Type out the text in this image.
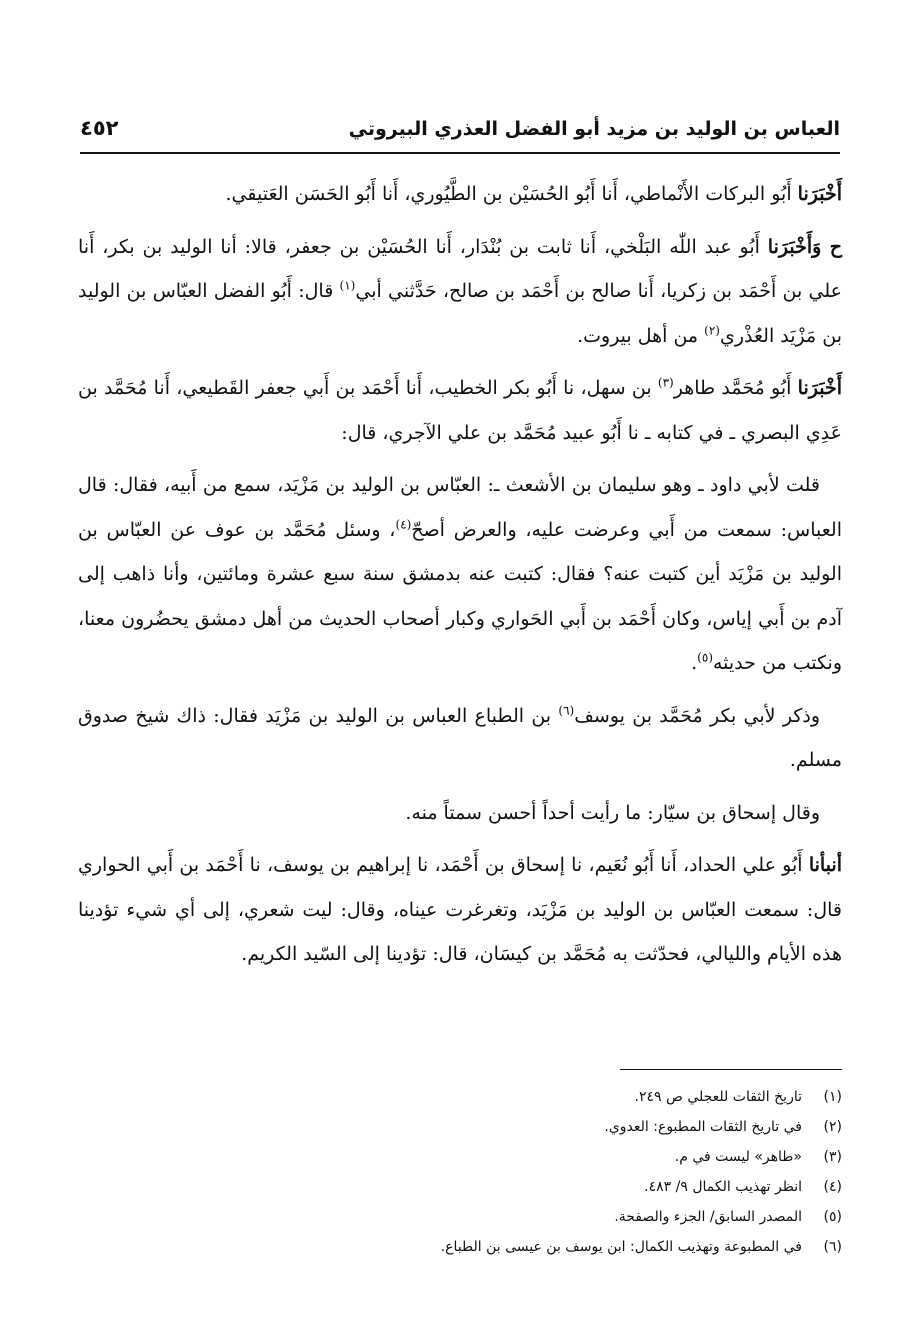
العباس بن الوليد بن مزيد أبو الفضل العذري البيروتي
٤٥٢

أَخْبَرَنا أَبُو البركات الأَنْماطي، أَنا أَبُو الحُسَيْن بن الطَّيُوري، أَنا أَبُو الحَسَن العَتيقي.

ح وَأَخْبَرَنا أَبُو عبد اللّٰه البَلْخي، أَنا ثابت بن بُنْدَار، أَنا الحُسَيْن بن جعفر، قالا: أنا الوليد بن بكر، أَنا علي بن أَحْمَد بن زكريا، أَنا صالح بن أَحْمَد بن صالح، حَدَّثني أبي$^{(١)}$ قال: أَبُو الفضل العبّاس بن الوليد بن مَزْيَد العُذْري$^{(٢)}$ من أهل بيروت.

أَخْبَرَنا أَبُو مُحَمَّد طاهر$^{(٣)}$ بن سهل، نا أَبُو بكر الخطيب، أَنا أَحْمَد بن أَبي جعفر القَطيعي، أَنا مُحَمَّد بن عَدِي البصري ـ في كتابه ـ نا أَبُو عبيد مُحَمَّد بن علي الآجري، قال:

قلت لأبي داود ـ وهو سليمان بن الأشعث ـ: العبّاس بن الوليد بن مَزْيَد، سمع من أَبيه، فقال: قال العباس: سمعت من أَبي وعرضت عليه، والعرض أصحّ$^{(٤)}$، وسئل مُحَمَّد بن عوف عن العبّاس بن الوليد بن مَزْيَد أين كتبت عنه؟ فقال: كتبت عنه بدمشق سنة سبع عشرة ومائتين، وأنا ذاهب إلى آدم بن أَبي إياس، وكان أَحْمَد بن أَبي الحَواري وكبار أصحاب الحديث من أهل دمشق يحضُرون معنا، ونكتب من حديثه$^{(٥)}$.

وذكر لأبي بكر مُحَمَّد بن يوسف$^{(٦)}$ بن الطباع العباس بن الوليد بن مَزْيَد فقال: ذاك شيخ صدوق مسلم.

وقال إسحاق بن سيّار: ما رأيت أحداً أحسن سمتاً منه.

أنبأنا أَبُو علي الحداد، أَنا أَبُو نُعَيم، نا إسحاق بن أَحْمَد، نا إبراهيم بن يوسف، نا أَحْمَد بن أَبي الحواري قال: سمعت العبّاس بن الوليد بن مَزْيَد، وتغرغرت عيناه، وقال: ليت شعري، إلى أي شيء تؤدينا هذه الأيام والليالي، فحدّثت به مُحَمَّد بن كيسَان، قال: تؤدينا إلى السّيد الكريم.

(١)تاريخ الثقات للعجلي ص ٢٤٩.
(٢)في تاريخ الثقات المطبوع: العدوي.
(٣)«طاهر» ليست في م.
(٤)انظر تهذيب الكمال ٩/ ٤٨٣.
(٥)المصدر السابق/ الجزء والصفحة.
(٦)في المطبوعة وتهذيب الكمال: ابن يوسف بن عيسى بن الطباع.
